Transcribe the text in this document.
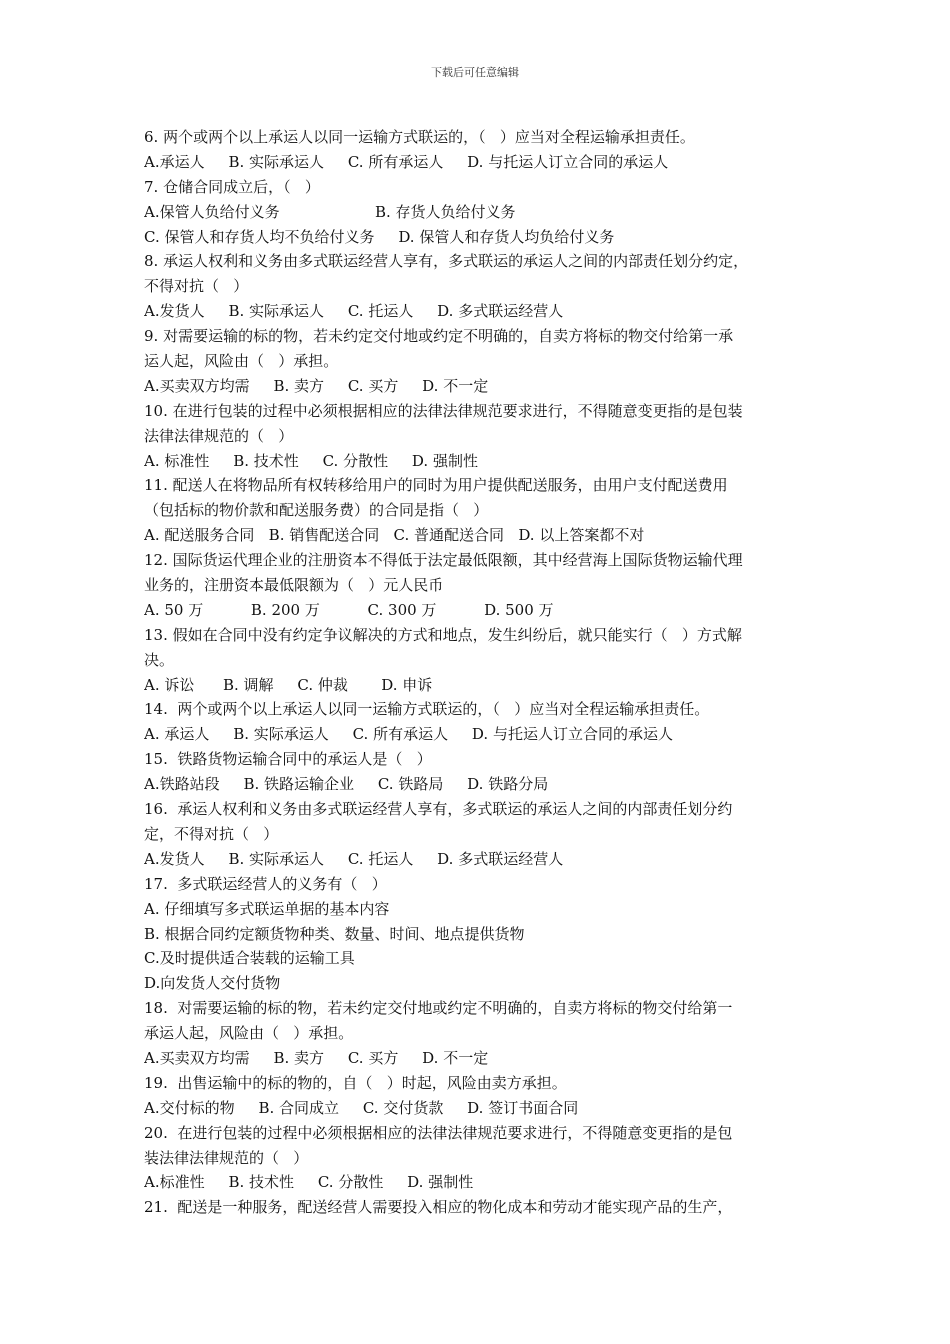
下载后可任意编辑
6. 两个或两个以上承运人以同一运输方式联运的，（   ）应当对全程运输承担责任。
A.承运人     B. 实际承运人     C. 所有承运人     D. 与托运人订立合同的承运人
7. 仓储合同成立后，（   ）
A.保管人负给付义务                    B. 存货人负给付义务
C. 保管人和存货人均不负给付义务     D. 保管人和存货人均负给付义务
8. 承运人权利和义务由多式联运经营人享有，多式联运的承运人之间的内部责任划分约定，
不得对抗（   ）
A.发货人     B. 实际承运人     C. 托运人     D. 多式联运经营人
9. 对需要运输的标的物，若未约定交付地或约定不明确的，自卖方将标的物交付给第一承
运人起，风险由（   ）承担。
A.买卖双方均需     B. 卖方     C. 买方     D. 不一定
10. 在进行包装的过程中必须根据相应的法律法律规范要求进行，不得随意变更指的是包装
法律法律规范的（   ）
A. 标准性     B. 技术性     C. 分散性     D. 强制性
11. 配送人在将物品所有权转移给用户的同时为用户提供配送服务，由用户支付配送费用
（包括标的物价款和配送服务费）的合同是指（   ）
A. 配送服务合同   B. 销售配送合同   C. 普通配送合同   D. 以上答案都不对
12. 国际货运代理企业的注册资本不得低于法定最低限额，其中经营海上国际货物运输代理
业务的，注册资本最低限额为（   ）元人民币
A. 50 万          B. 200 万          C. 300 万          D. 500 万
13. 假如在合同中没有约定争议解决的方式和地点，发生纠纷后，就只能实行（   ）方式解
决。
A. 诉讼      B. 调解     C. 仲裁       D. 申诉
14.  两个或两个以上承运人以同一运输方式联运的，（   ）应当对全程运输承担责任。
A. 承运人     B. 实际承运人     C. 所有承运人     D. 与托运人订立合同的承运人
15.  铁路货物运输合同中的承运人是（   ）
A.铁路站段     B. 铁路运输企业     C. 铁路局     D. 铁路分局
16.  承运人权利和义务由多式联运经营人享有，多式联运的承运人之间的内部责任划分约
定，不得对抗（   ）
A.发货人     B. 实际承运人     C. 托运人     D. 多式联运经营人
17.  多式联运经营人的义务有（   ）
A. 仔细填写多式联运单据的基本内容
B. 根据合同约定额货物种类、数量、时间、地点提供货物
C.及时提供适合装载的运输工具
D.向发货人交付货物
18.  对需要运输的标的物，若未约定交付地或约定不明确的，自卖方将标的物交付给第一
承运人起，风险由（   ）承担。
A.买卖双方均需     B. 卖方     C. 买方     D. 不一定
19.  出售运输中的标的物的，自（   ）时起，风险由卖方承担。
A.交付标的物     B. 合同成立     C. 交付货款     D. 签订书面合同
20.  在进行包装的过程中必须根据相应的法律法律规范要求进行，不得随意变更指的是包
装法律法律规范的（   ）
A.标准性     B. 技术性     C. 分散性     D. 强制性
21.  配送是一种服务，配送经营人需要投入相应的物化成本和劳动才能实现产品的生产，
